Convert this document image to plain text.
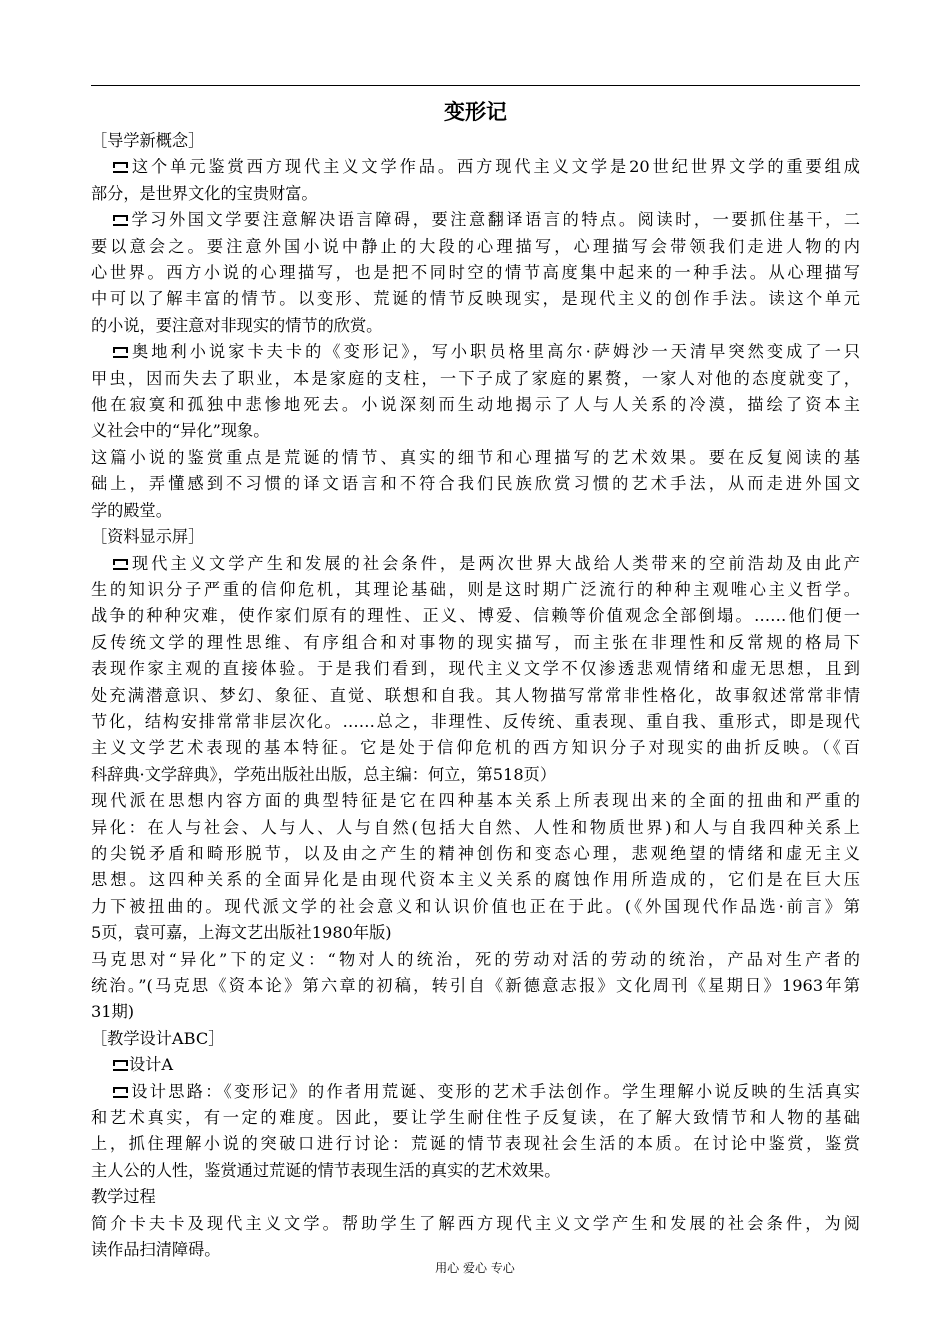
变形记
［导学新概念］
这个单元鉴赏西方现代主义文学作品。西方现代主义文学是20世纪世界文学的重要组成
部分，是世界文化的宝贵财富。
学习外国文学要注意解决语言障碍，要注意翻译语言的特点。阅读时，一要抓住基干，二
要以意会之。要注意外国小说中静止的大段的心理描写，心理描写会带领我们走进人物的内
心世界。西方小说的心理描写，也是把不同时空的情节高度集中起来的一种手法。从心理描写
中可以了解丰富的情节。以变形、荒诞的情节反映现实，是现代主义的创作手法。读这个单元
的小说，要注意对非现实的情节的欣赏。
奥地利小说家卡夫卡的《变形记》，写小职员格里高尔·萨姆沙一天清早突然变成了一只
甲虫，因而失去了职业，本是家庭的支柱，一下子成了家庭的累赘，一家人对他的态度就变了，
他在寂寞和孤独中悲惨地死去。小说深刻而生动地揭示了人与人关系的冷漠，描绘了资本主
义社会中的“异化”现象。
这篇小说的鉴赏重点是荒诞的情节、真实的细节和心理描写的艺术效果。要在反复阅读的基
础上，弄懂感到不习惯的译文语言和不符合我们民族欣赏习惯的艺术手法，从而走进外国文
学的殿堂。
［资料显示屏］
现代主义文学产生和发展的社会条件，是两次世界大战给人类带来的空前浩劫及由此产
生的知识分子严重的信仰危机，其理论基础，则是这时期广泛流行的种种主观唯心主义哲学。
战争的种种灾难，使作家们原有的理性、正义、博爱、信赖等价值观念全部倒塌。……他们便一
反传统文学的理性思维、有序组合和对事物的现实描写，而主张在非理性和反常规的格局下
表现作家主观的直接体验。于是我们看到，现代主义文学不仅渗透悲观情绪和虚无思想，且到
处充满潜意识、梦幻、象征、直觉、联想和自我。其人物描写常常非性格化，故事叙述常常非情
节化，结构安排常常非层次化。……总之，非理性、反传统、重表现、重自我、重形式，即是现代
主义文学艺术表现的基本特征。它是处于信仰危机的西方知识分子对现实的曲折反映。（《百
科辞典·文学辞典》，学苑出版社出版，总主编：何立，第518页）
现代派在思想内容方面的典型特征是它在四种基本关系上所表现出来的全面的扭曲和严重的
异化：在人与社会、人与人、人与自然(包括大自然、人性和物质世界)和人与自我四种关系上
的尖锐矛盾和畸形脱节，以及由之产生的精神创伤和变态心理，悲观绝望的情绪和虚无主义
思想。这四种关系的全面异化是由现代资本主义关系的腐蚀作用所造成的，它们是在巨大压
力下被扭曲的。现代派文学的社会意义和认识价值也正在于此。(《外国现代作品选·前言》第
5页，袁可嘉，上海文艺出版社1980年版)
马克思对“异化”下的定义：“物对人的统治，死的劳动对活的劳动的统治，产品对生产者的
统治。”(马克思《资本论》第六章的初稿，转引自《新德意志报》文化周刊《星期日》1963年第
31期)
［教学设计ABC］
设计A
设计思路：《变形记》的作者用荒诞、变形的艺术手法创作。学生理解小说反映的生活真实
和艺术真实，有一定的难度。因此，要让学生耐住性子反复读，在了解大致情节和人物的基础
上，抓住理解小说的突破口进行讨论：荒诞的情节表现社会生活的本质。在讨论中鉴赏，鉴赏
主人公的人性，鉴赏通过荒诞的情节表现生活的真实的艺术效果。
教学过程
简介卡夫卡及现代主义文学。帮助学生了解西方现代主义文学产生和发展的社会条件，为阅
读作品扫清障碍。
用心 爱心 专心
